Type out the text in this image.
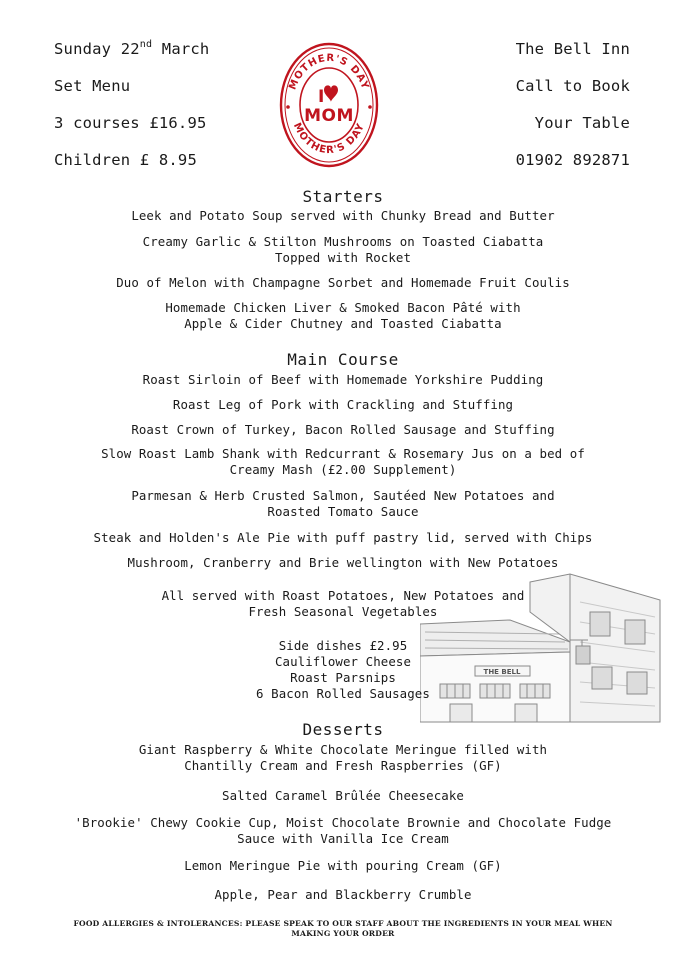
Sunday 22nd March
Set Menu
3 courses £16.95
Children £ 8.95
The Bell Inn
Call to Book
Your Table
01902 892871
MOTHER'S DAY
MOTHER'S DAY
I
MOM
Starters
Leek and Potato Soup served with Chunky Bread and Butter
Creamy Garlic & Stilton Mushrooms on Toasted Ciabatta
Topped with Rocket
Duo of Melon with Champagne Sorbet and Homemade Fruit Coulis
Homemade Chicken Liver & Smoked Bacon Pâté with
Apple & Cider Chutney and Toasted Ciabatta
Main Course
Roast Sirloin of Beef with Homemade Yorkshire Pudding
Roast Leg of Pork with Crackling and Stuffing
Roast Crown of Turkey, Bacon Rolled Sausage and Stuffing
Slow Roast Lamb Shank with Redcurrant & Rosemary Jus on a bed of
Creamy Mash (£2.00 Supplement)
Parmesan & Herb Crusted Salmon, Sautéed New Potatoes and
Roasted Tomato Sauce
Steak and Holden's Ale Pie with puff pastry lid, served with Chips
Mushroom, Cranberry and Brie wellington with New Potatoes
THE BELL
All served with Roast Potatoes, New Potatoes and
Fresh Seasonal Vegetables
Side dishes £2.95
Cauliflower Cheese
Roast Parsnips
6 Bacon Rolled Sausages
Desserts
Giant Raspberry & White Chocolate Meringue filled with
Chantilly Cream and Fresh Raspberries (GF)
Salted Caramel Brûlée Cheesecake
'Brookie' Chewy Cookie Cup, Moist Chocolate Brownie and Chocolate Fudge
Sauce with Vanilla Ice Cream
Lemon Meringue Pie with pouring Cream (GF)
Apple, Pear and Blackberry Crumble
FOOD ALLERGIES & INTOLERANCES: PLEASE SPEAK TO OUR STAFF ABOUT THE INGREDIENTS IN YOUR MEAL WHEN
MAKING YOUR ORDER
